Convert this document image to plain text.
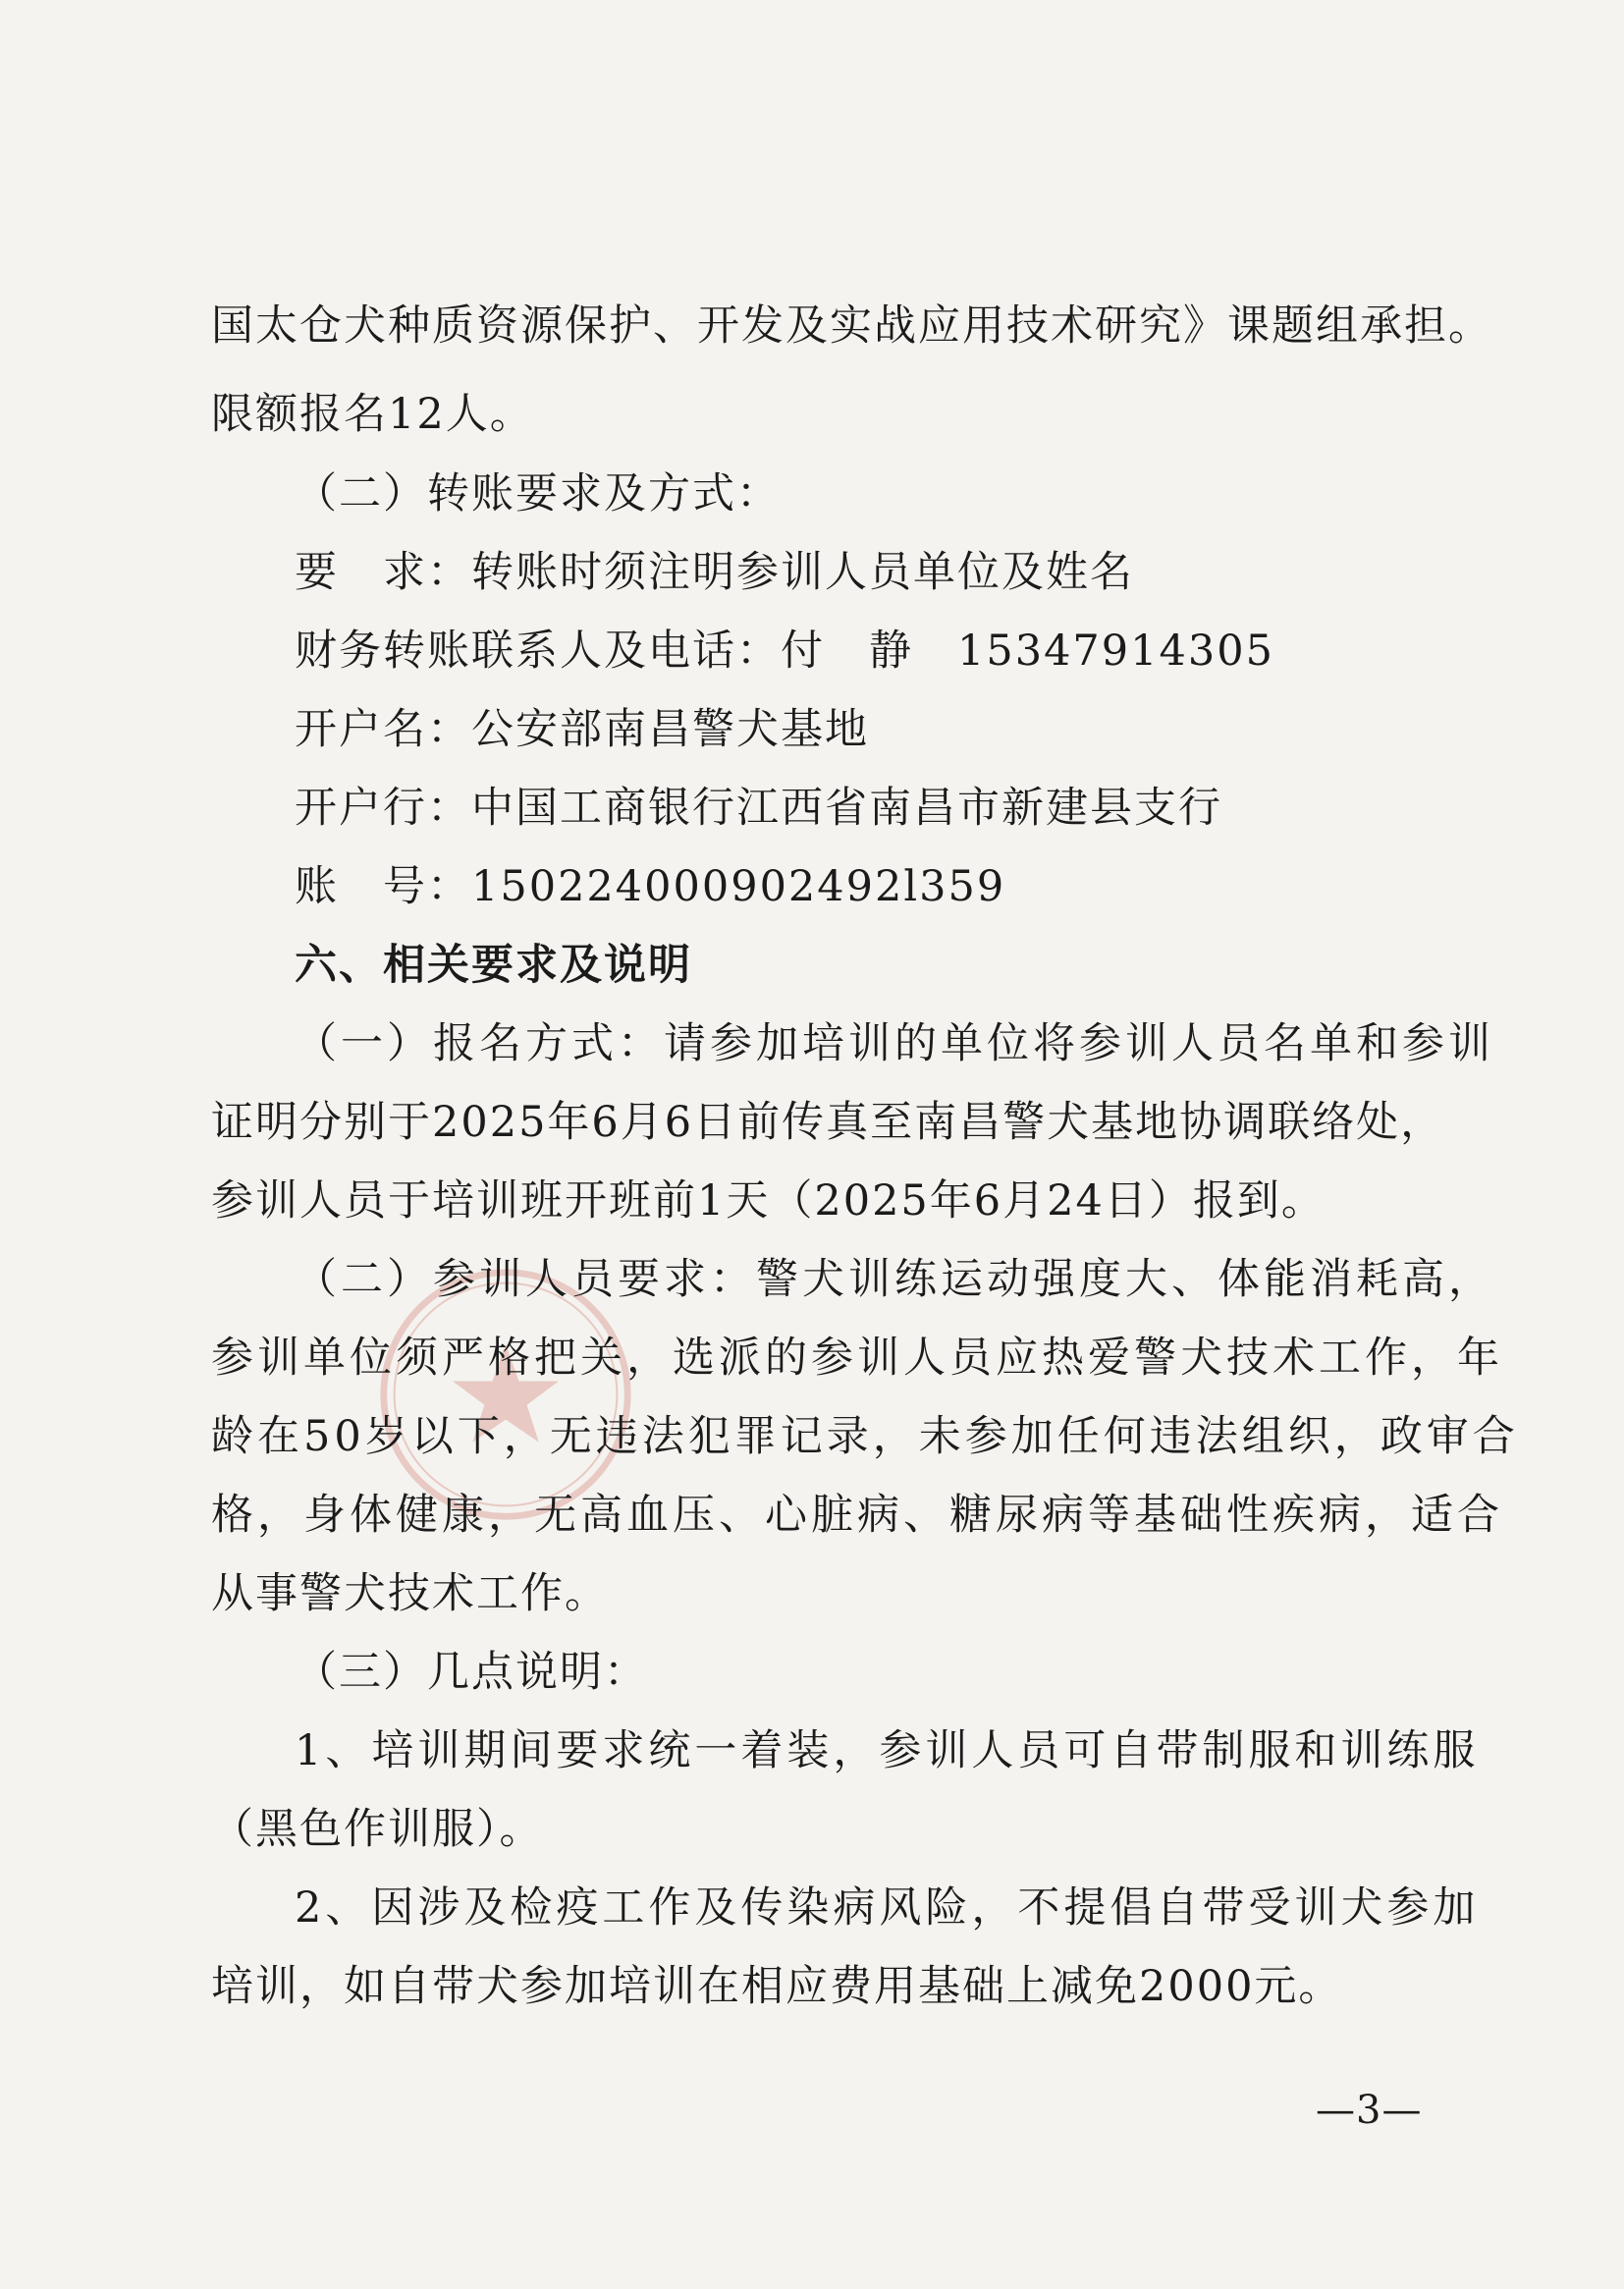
国太仓犬种质资源保护、开发及实战应用技术研究》课题组承担。

限额报名12人。

（二）转账要求及方式：

要　求：转账时须注明参训人员单位及姓名

财务转账联系人及电话：付　静　15347914305

开户名：公安部南昌警犬基地

开户行：中国工商银行江西省南昌市新建县支行

账　号：150224000902492l359

六、相关要求及说明

（一）报名方式：请参加培训的单位将参训人员名单和参训

证明分别于2025年6月6日前传真至南昌警犬基地协调联络处，

参训人员于培训班开班前1天（2025年6月24日）报到。

（二）参训人员要求：警犬训练运动强度大、体能消耗高，

参训单位须严格把关，选派的参训人员应热爱警犬技术工作，年

龄在50岁以下，无违法犯罪记录，未参加任何违法组织，政审合

格，身体健康，无高血压、心脏病、糖尿病等基础性疾病，适合

从事警犬技术工作。

（三）几点说明：

1、培训期间要求统一着装，参训人员可自带制服和训练服

（黑色作训服）。

2、因涉及检疫工作及传染病风险，不提倡自带受训犬参加

培训，如自带犬参加培训在相应费用基础上减免2000元。

—3—
